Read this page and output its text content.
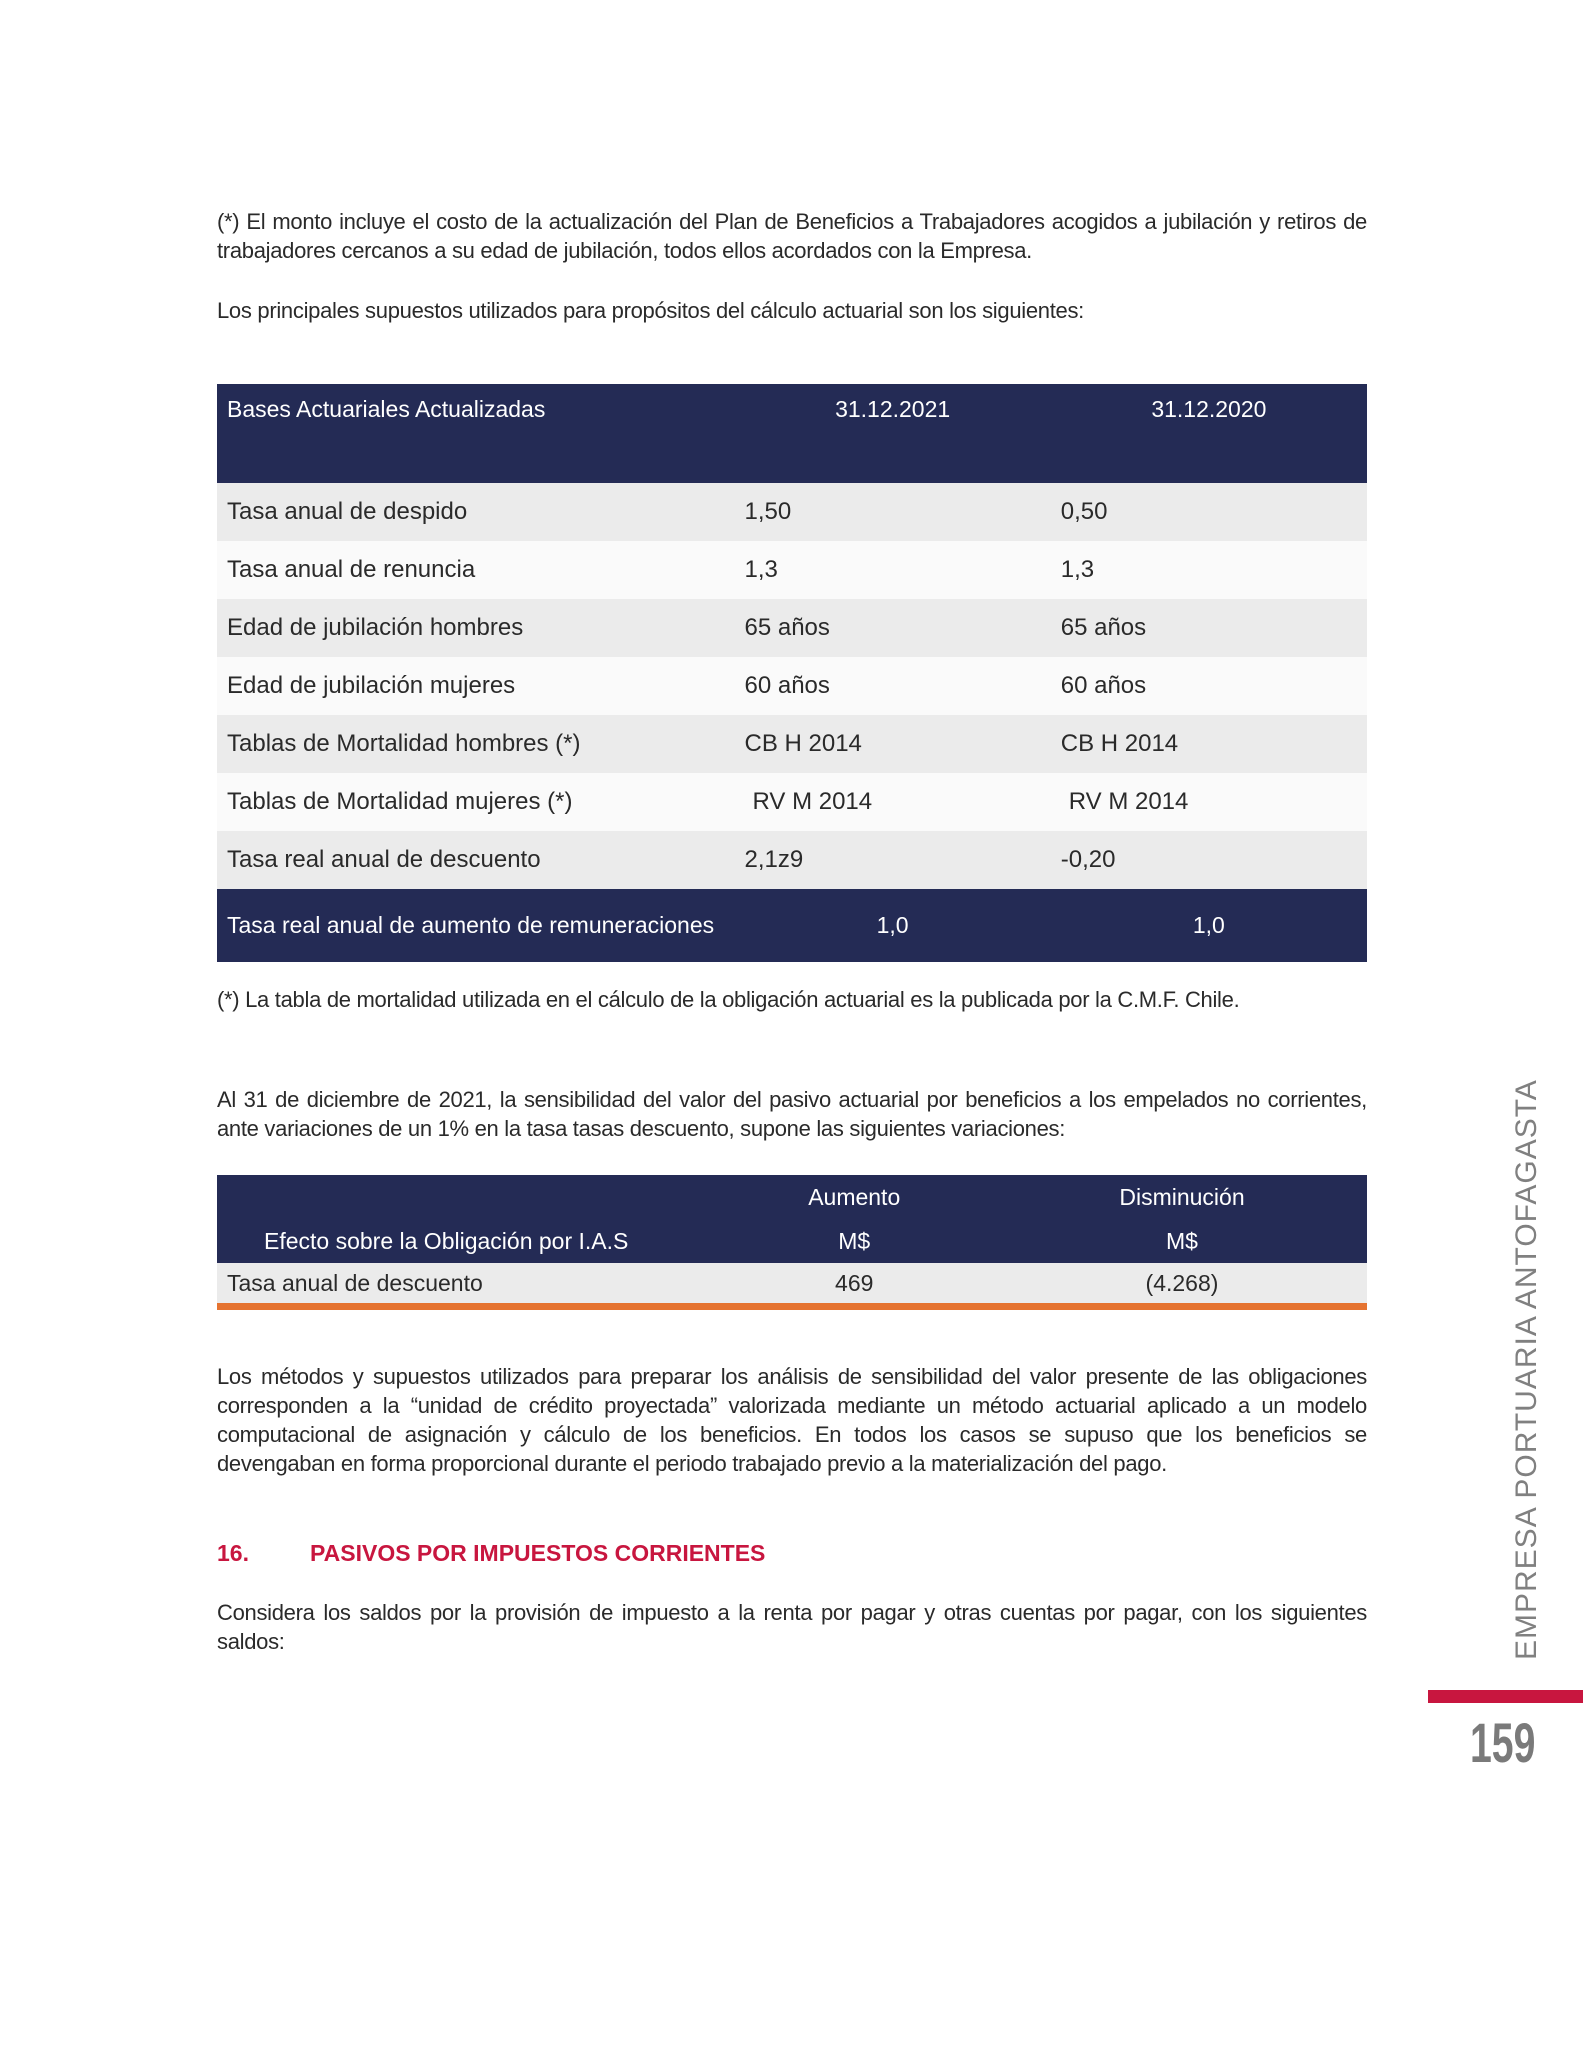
(*) El monto incluye el costo de la actualización del Plan de Beneficios a Trabajadores acogidos a jubilación y retiros de trabajadores cercanos a su edad de jubilación, todos ellos acordados con la Empresa.
Los principales supuestos utilizados para propósitos del cálculo actuarial son los siguientes:
Bases Actuariales Actualizadas	31.12.2021	31.12.2020
Tasa anual de despido	1,50	0,50
Tasa anual de renuncia	1,3	1,3
Edad de jubilación hombres	65 años	65 años
Edad de jubilación mujeres	60 años	60 años
Tablas de Mortalidad hombres (*)	CB H 2014	CB H 2014
Tablas de Mortalidad mujeres (*)	RV M 2014	RV M 2014
Tasa real anual de descuento	2,1z9	-0,20
Tasa real anual de aumento de remuneraciones	1,0	1,0
(*) La tabla de mortalidad utilizada en el cálculo de la obligación actuarial es la publicada por la C.M.F. Chile.
Al 31 de diciembre de 2021, la sensibilidad del valor del pasivo actuarial por beneficios a los empelados no corrientes, ante variaciones de un 1% en la tasa tasas descuento, supone las siguientes variaciones:
	Aumento	Disminución
Efecto sobre la Obligación por I.A.S	M$	M$
Tasa anual de descuento	469	(4.268)
Los métodos y supuestos utilizados para preparar los análisis de sensibilidad del valor presente de las obligaciones corresponden a la “unidad de crédito proyectada” valorizada mediante un método actuarial aplicado a un modelo computacional de asignación y cálculo de los beneficios. En todos los casos se supuso que los beneficios se devengaban en forma proporcional durante el periodo trabajado previo a la materialización del pago.
16.	PASIVOS POR IMPUESTOS CORRIENTES
Considera los saldos por la provisión de impuesto a la renta por pagar y otras cuentas por pagar, con los siguientes saldos:	EMPRESA PORTUARIA ANTOFAGASTA
159
